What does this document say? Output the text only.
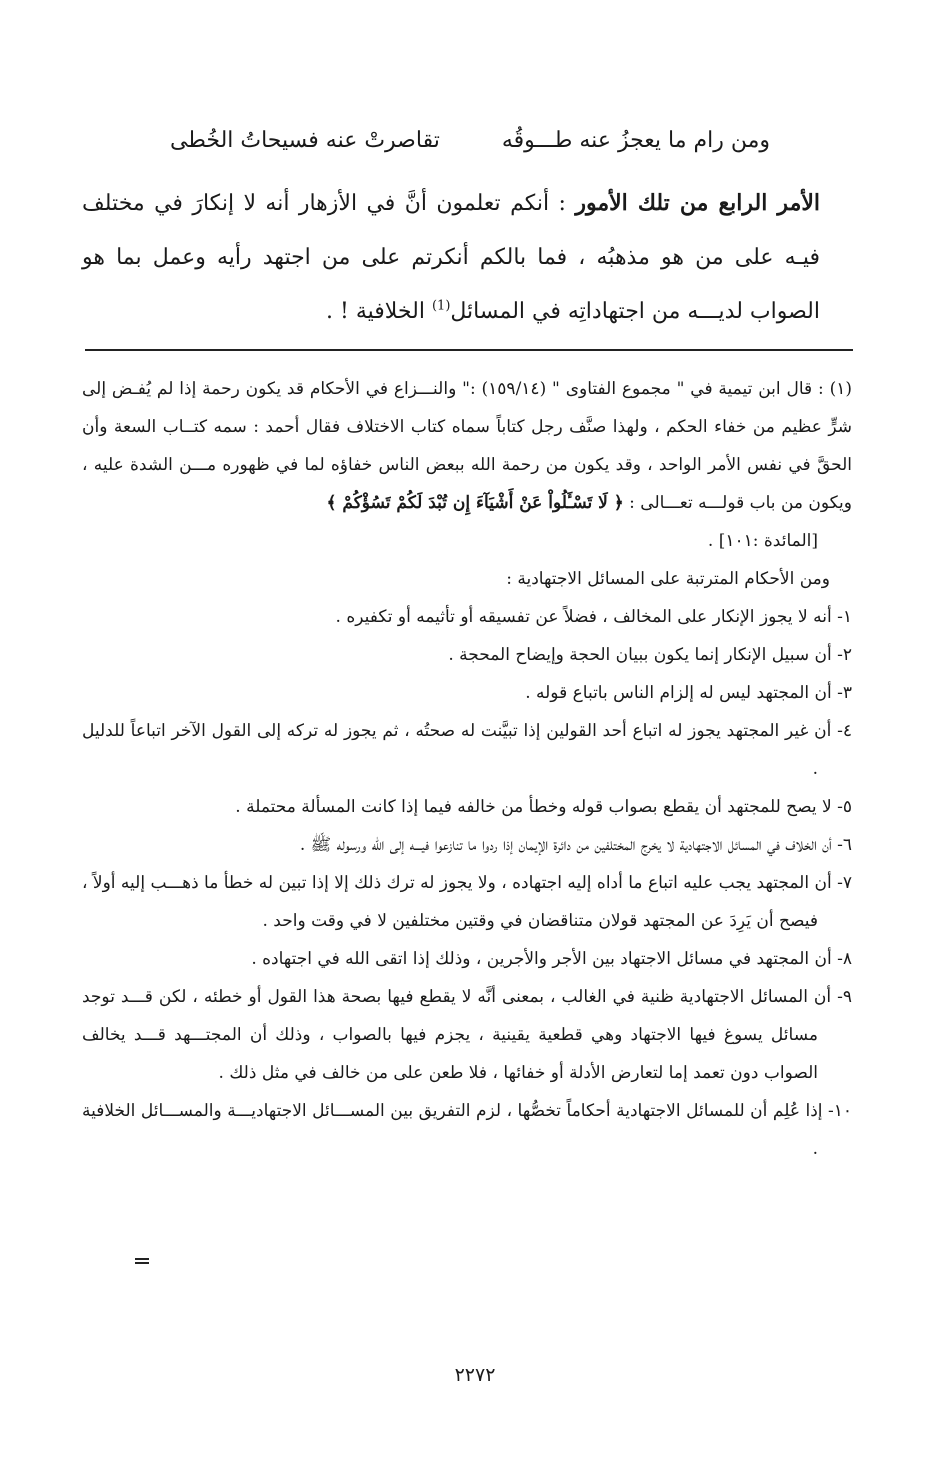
ومن رام ما يعجزُ عنه طـــوقُه
تقاصرتْ عنه فسيحاتُ الخُطى
الأمر الرابع من تلك الأمور : أنكم تعلمون أنَّ في الأزهار أنه لا إنكارَ في مختلف فيـه على من هو مذهبُه ، فما بالكم أنكرتم على من اجتهد رأيه وعمل بما هو الصواب لديـــه من اجتهاداتِه في المسائل$^{(1)}$ الخلافية ! .

(١) : قال ابن تيمية في " مجموع الفتاوى " (١٥٩/١٤) :" والنـــزاع في الأحكام قد يكون رحمة إذا لم يُفـض إلى شرٍّ عظيم من خفاء الحكم ، ولهذا صنَّف رجل كتاباً سماه كتاب الاختلاف فقال أحمد : سمه كتــاب السعة وأن الحقَّ في نفس الأمر الواحد ، وقد يكون من رحمة الله ببعض الناس خفاؤه لما في ظهوره مـــن الشدة عليه ، ويكون من باب قولـــه تعـــالى : ﴿ لَا تَسْـَٔلُواْ عَنْ أَشْيَآءَ إِن تُبْدَ لَكُمْ تَسُؤْكُمْ ﴾

[المائدة :١٠١] .

ومن الأحكام المترتبة على المسائل الاجتهادية :

١- أنه لا يجوز الإنكار على المخالف ، فضلاً عن تفسيقه أو تأثيمه أو تكفيره .

٢- أن سبيل الإنكار إنما يكون ببيان الحجة وإيضاح المحجة .

٣- أن المجتهد ليس له إلزام الناس باتباع قوله .

٤- أن غير المجتهد يجوز له اتباع أحد القولين إذا تبيَّنت له صحتُه ، ثم يجوز له تركه إلى القول الآخر اتباعاً للدليل .

٥- لا يصح للمجتهد أن يقطع بصواب قوله وخطأ من خالفه فيما إذا كانت المسألة محتملة .

٦- أن الخلاف في المسائل الاجتهادية لا يخرج المختلفين من دائرة الإيمان إذا ردوا ما تنازعوا فيـــه إلى الله ورسوله ﷺ .

٧- أن المجتهد يجب عليه اتباع ما أداه إليه اجتهاده ، ولا يجوز له ترك ذلك إلا إذا تبين له خطأ ما ذهـــب إليه أولاً ، فيصح أن يَرِدَ عن المجتهد قولان متناقضان في وقتين مختلفين لا في وقت واحد .

٨- أن المجتهد في مسائل الاجتهاد بين الأجر والأجرين ، وذلك إذا اتقى الله في اجتهاده .

٩- أن المسائل الاجتهادية ظنية في الغالب ، بمعنى أنَّه لا يقطع فيها بصحة هذا القول أو خطئه ، لكن قـــد توجد مسائل يسوغ فيها الاجتهاد وهي قطعية يقينية ، يجزم فيها بالصواب ، وذلك أن المجتـــهد قـــد يخالف الصواب دون تعمد إما لتعارض الأدلة أو خفائها ، فلا طعن على من خالف في مثل ذلك .

١٠- إذا عُلِم أن للمسائل الاجتهادية أحكاماً تخصُّها ، لزم التفريق بين المســـائل الاجتهاديـــة والمســـائل الخلافية .

٢٢٧٢
